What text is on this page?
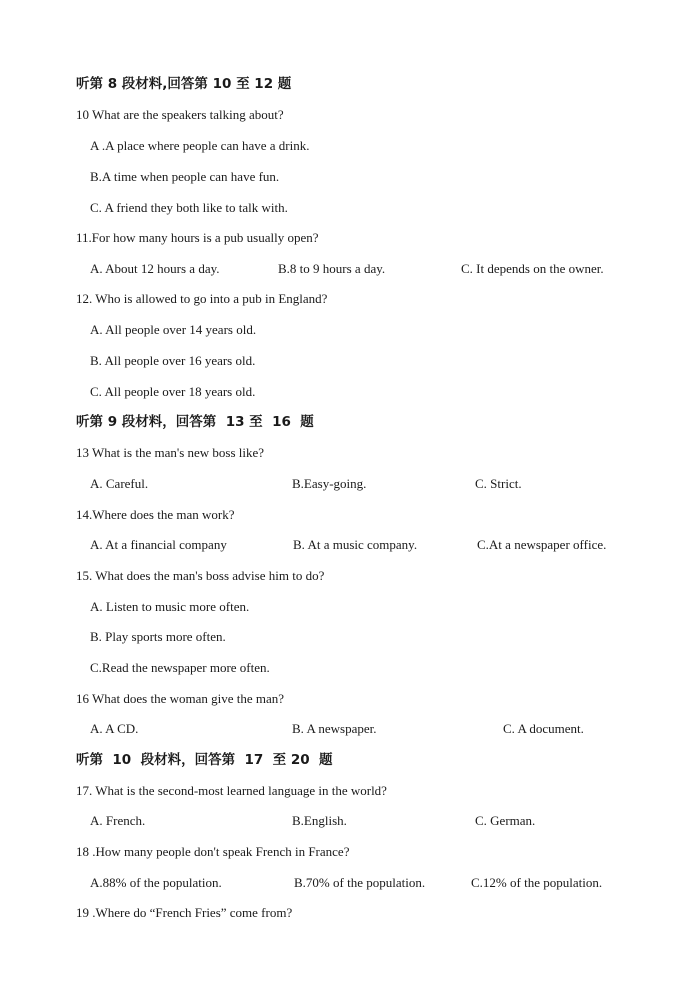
听第 8 段材料,回答第 10 至 12 题
10 What are the speakers talking about?
A .A place where people can have a drink.
B.A time when people can have fun.
C. A friend they both like to talk with.
11.For how many hours is a pub usually open?
A. About 12 hours a day.	B.8 to 9 hours a day.	C. It depends on the owner.
12. Who is allowed to go into a pub in England?
A. All people over 14 years old.
B. All people over 16 years old.
C. All people over 18 years old.
听第 9 段材料，回答第  13 至  16  题
13 What is the man's new boss like?
A. Careful.	B.Easy-going.	C. Strict.
14.Where does the man work?
A. At a financial company	B. At a music company.	C.At a newspaper office.
15. What does the man's boss advise him to do?
A. Listen to music more often.
B. Play sports more often.
C.Read the newspaper more often.
16 What does the woman give the man?
A. A CD.	B. A newspaper.	C. A document.
听第  10  段材料，回答第  17  至 20  题
17. What is the second-most learned language in the world?
A. French.	B.English.	C. German.
18 .How many people don't speak French in France?
A.88% of the population.	B.70% of the population.	C.12% of the population.
19 .Where do “French Fries” come from?
